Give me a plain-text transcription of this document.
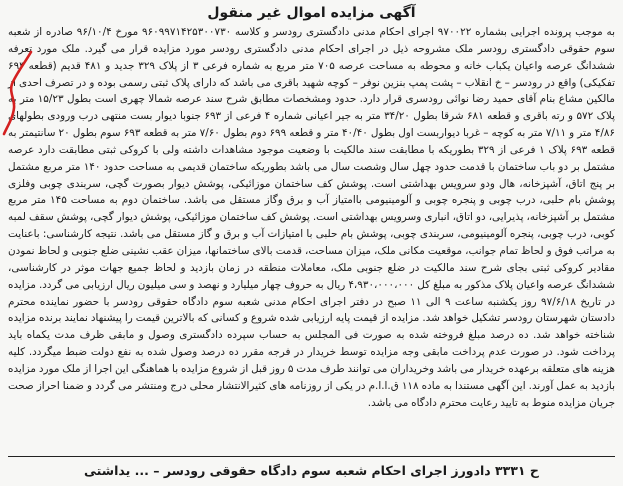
آگهی مزایده اموال غیر منقول

به موجب پرونده اجرایی بشماره ۹۷۰۰۲۲ اجرای احکام مدنی دادگستری رودسر و کلاسه ۹۶۰۹۹۷۱۴۲۵۳۰۰۷۳۰ مورخ ۹۶/۱۰/۴ صادره از شعبه سوم حقوقی دادگستری رودسر ملک مشروحه ذیل در اجرای احکام مدنی دادگستری رودسر مورد مزایده قرار می گیرد. ملک مورد تعرفه ششدانگ عرصه واعیان یکباب خانه و محوطه به مساحت عرصه ۷۰۵ متر مربع به شماره فرعی ۳ از پلاک ۳۲۹ جدید و ۴۸۱ قدیم (قطعه ۶۹۳ تفکیکی) واقع در رودسر – خ انقلاب – پشت پمپ بنزین نوفر – کوچه شهید باقری می باشد که دارای پلاک ثبتی رسمی بوده و در تصرف احدی از مالکین مشاع بنام آقای حمید رضا نوائی رودسری قرار دارد. حدود ومشخصات مطابق شرح سند عرصه شمالا چهری است بطول ۱۵/۲۳ متر به پلاک ۵۷۲ و رته باقری و قطعه ۶۸۱ شرقا بطول ۳۴/۲۰ متر به جیر اعیانی شماره ۴ فرعی از ۶۹۳ جنوبا دیوار بست منتهی درب ورودی بطولهای ۴/۸۶ متر و ۷/۱۱ متر به کوچه – غربا دیواربست اول بطول ۴۰/۴۰ متر و قطعه ۶۹۹ دوم بطول ۷/۶۰ متر به قطعه ۶۹۳ سوم بطول ۲۰ سانتیمتر به قطعه ۶۹۳ پلاک ۱ فرعی از ۳۲۹ بطوریکه با مطابقت سند مالکیت با وضعیت موجود مشاهدات داشته ولی با کروکی ثبتی مطابقت دارد عرصه مشتمل بر دو باب ساختمان با قدمت حدود چهل سال وشصت سال می باشد بطوریکه ساختمان قدیمی به مساحت حدود ۱۴۰ متر مربع مشتمل بر پنج اتاق، آشپزخانه، هال ودو سرویس بهداشتی است. پوشش کف ساختمان موزائیکی، پوشش دیوار بصورت گچی، سربندی چوبی وفلزی پوشش بام حلبی، درب چوبی و پنجره چوبی و آلومینیومی باامتیاز آب و برق وگاز مستقل می باشد. ساختمان دوم به مساحت ۱۴۵ متر مربع مشتمل بر آشپزخانه، پذیرایی، دو اتاق، انباری وسرویس بهداشتی است. پوشش کف ساختمان موزائیکی، پوشش دیوار گچی، پوشش سقف لمبه کوبی، درب چوبی، پنجره آلومینیومی، سربندی چوبی، پوشش بام حلبی با امتیازات آب و برق و گاز مستقل می باشد. نتیجه کارشناسی: باعنایت به مراتب فوق و لحاظ تمام جوانب، موقعیت مکانی ملک، میزان مساحت، قدمت بالای ساختمانها، میزان عقب نشینی ضلع جنوبی و لحاظ نمودن مقادیر کروکی ثبتی بجای شرح سند مالکیت در ضلع جنوبی ملک، معاملات منطقه در زمان بازدید و لحاظ جمیع جهات موثر در کارشناسی، ششدانگ عرصه واعیان پلاک مذکور به مبلغ کل ۴،۹۳۰،۰۰۰،۰۰۰ ریال به حروف چهار میلیارد و نهصد و سی میلیون ریال ارزیابی می گردد. مزایده در تاریخ ۹۷/۶/۱۸ روز یکشنبه ساعت ۹ الی ۱۱ صبح در دفتر اجرای احکام مدنی شعبه سوم دادگاه حقوقی رودسر با حضور نماینده محترم دادستان شهرستان رودسر تشکیل خواهد شد. مزایده از قیمت پایه ارزیابی شده شروع و کسانی که بالاترین قیمت را پیشنهاد نمایند برنده مزایده شناخته خواهد شد. ده درصد مبلغ فروخته شده به صورت فی المجلس به حساب سپرده دادگستری وصول و مابقی ظرف مدت یکماه باید پرداخت شود. در صورت عدم پرداخت مابقی وجه مزایده توسط خریدار در فرجه مقرر ده درصد وصول شده به نفع دولت ضبط میگردد. کلیه هزینه های متعلقه برعهده خریدار می باشد وخریداران می توانند طرف مدت ۵ روز قبل از شروع مزایده با هماهنگی این اجرا از ملک مورد مزایده بازدید به عمل آورند. این آگهی مستندا به ماده ۱۱۸ ق.ا.ا.م در یکی از روزنامه های کثیرالانتشار محلی درج ومنتشر می گردد و ضمنا احراز صحت جریان مزایده منوط به تایید رعایت محترم دادگاه می باشد.

ح ۳۳۳۱ دادورز اجرای احکام شعبه سوم دادگاه حقوقی رودسر – ... یداشتی
